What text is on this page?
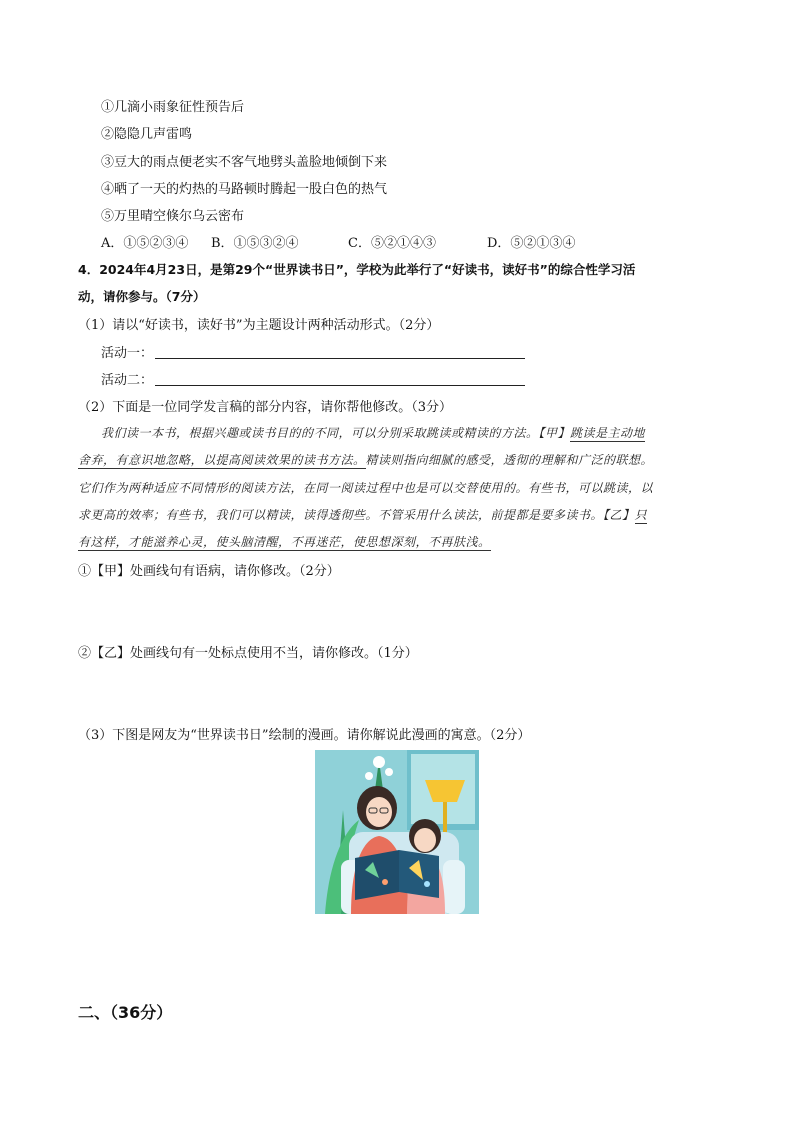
①几滴小雨象征性预告后
②隐隐几声雷鸣
③豆大的雨点便老实不客气地劈头盖脸地倾倒下来
④晒了一天的灼热的马路顿时腾起一股白色的热气
⑤万里晴空倏尔乌云密布
A．①⑤②③④ B．①⑤③②④	C．⑤②①④③	D．⑤②①③④
4．2024年4月23日，是第29个“世界读书日”，学校为此举行了“好读书，读好书”的综合性学习活
动，请你参与。（7分）
（1）请以“好读书，读好书”为主题设计两种活动形式。（2分）
活动一：
活动二：
（2）下面是一位同学发言稿的部分内容，请你帮他修改。（3分）
我们读一本书，根据兴趣或读书目的的不同，可以分别采取跳读或精读的方法。【甲】跳读是主动地
舍弃，有意识地忽略，以提高阅读效果的读书方法。精读则指向细腻的感受，透彻的理解和广泛的联想。
它们作为两种适应不同情形的阅读方法，在同一阅读过程中也是可以交替使用的。有些书，可以跳读，以
求更高的效率；有些书，我们可以精读，读得透彻些。不管采用什么读法，前提都是要多读书。【乙】只
有这样，才能滋养心灵，使头脑清醒，不再迷茫，使思想深刻，不再肤浅。
①【甲】处画线句有语病，请你修改。（2分）
②【乙】处画线句有一处标点使用不当，请你修改。（1分）
（3）下图是网友为“世界读书日”绘制的漫画。请你解说此漫画的寓意。（2分）
二、（36分）
